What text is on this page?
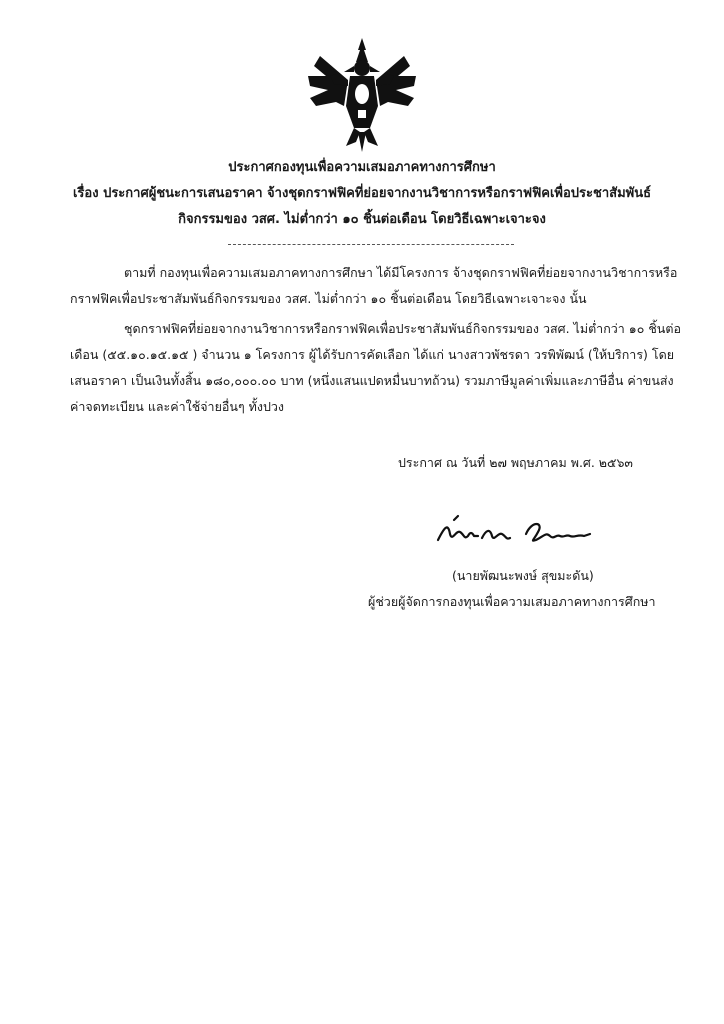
ประกาศกองทุนเพื่อความเสมอภาคทางการศึกษา
เรื่อง ประกาศผู้ชนะการเสนอราคา จ้างชุดกราฟฟิคที่ย่อยจากงานวิชาการหรือกราฟฟิคเพื่อประชาสัมพันธ์
กิจกรรมของ วสศ. ไม่ต่ำกว่า ๑๐ ชิ้นต่อเดือน โดยวิธีเฉพาะเจาะจง
ตามที่ กองทุนเพื่อความเสมอภาคทางการศึกษา ได้มีโครงการ จ้างชุดกราฟฟิคที่ย่อยจากงานวิชาการหรือ
กราฟฟิคเพื่อประชาสัมพันธ์กิจกรรมของ วสศ. ไม่ต่ำกว่า ๑๐ ชิ้นต่อเดือน โดยวิธีเฉพาะเจาะจง นั้น
ชุดกราฟฟิคที่ย่อยจากงานวิชาการหรือกราฟฟิคเพื่อประชาสัมพันธ์กิจกรรมของ วสศ. ไม่ต่ำกว่า ๑๐ ชิ้นต่อ
เดือน (๕๕.๑๐.๑๕.๑๕ ) จำนวน ๑ โครงการ ผู้ได้รับการคัดเลือก ได้แก่ นางสาวพัชรดา วรพิพัฒน์ (ให้บริการ) โดย
เสนอราคา เป็นเงินทั้งสิ้น ๑๘๐,๐๐๐.๐๐ บาท (หนึ่งแสนแปดหมื่นบาทถ้วน) รวมภาษีมูลค่าเพิ่มและภาษีอื่น ค่าขนส่ง
ค่าจดทะเบียน และค่าใช้จ่ายอื่นๆ ทั้งปวง
ประกาศ ณ วันที่ ๒๗ พฤษภาคม พ.ศ. ๒๕๖๓
(นายพัฒนะพงษ์ สุขมะดัน)
ผู้ช่วยผู้จัดการกองทุนเพื่อความเสมอภาคทางการศึกษา
